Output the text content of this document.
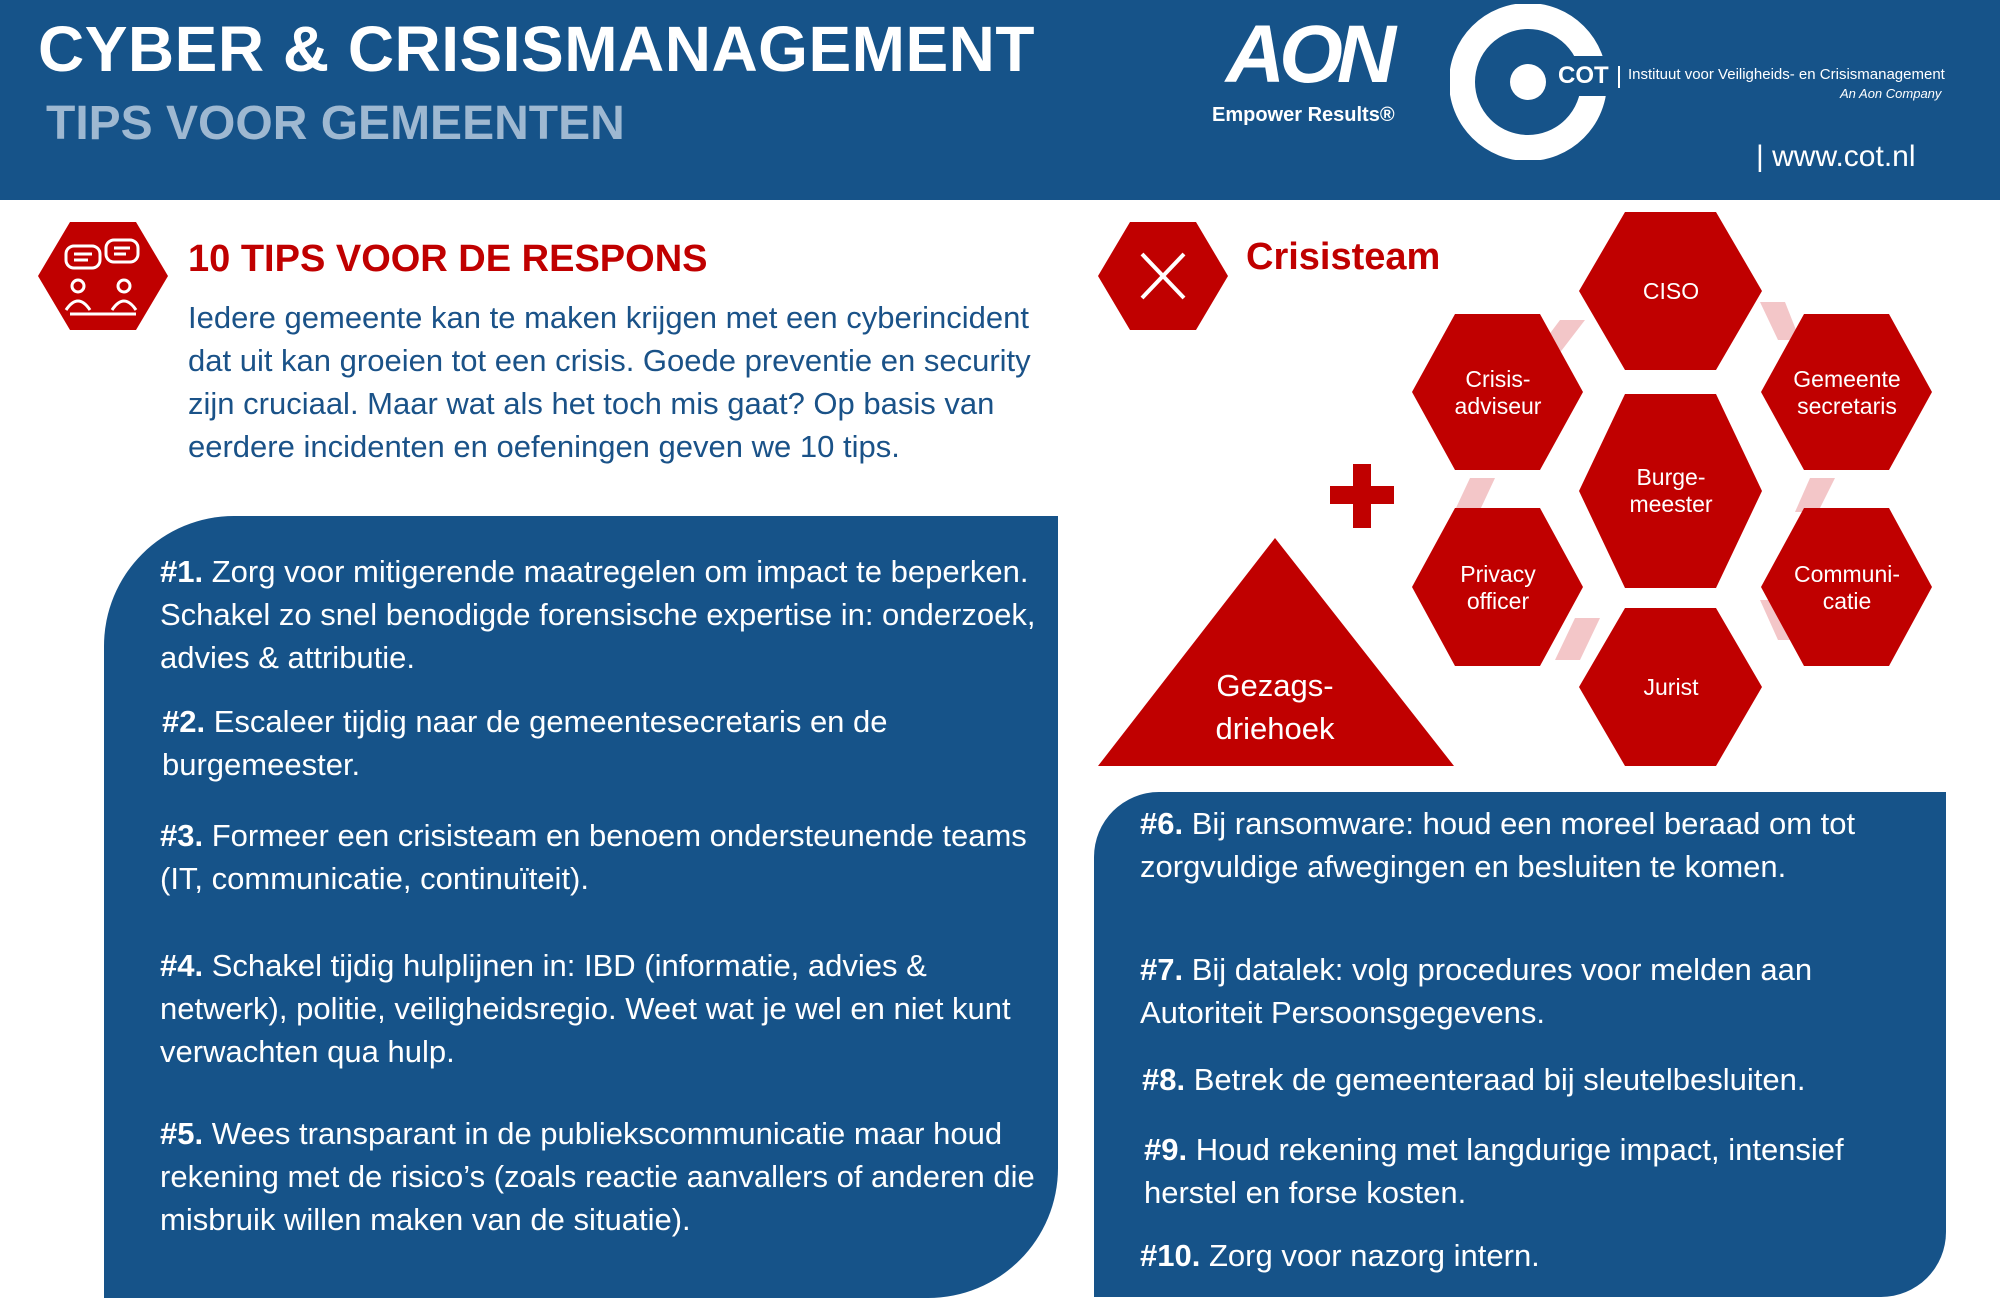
CYBER & CRISISMANAGEMENT
TIPS VOOR GEMEENTEN
AON
Empower Results®
COT Instituut voor Veiligheids- en Crisismanagement
An Aon Company
| www.cot.nl
10 TIPS VOOR DE RESPONS
Iedere gemeente kan te maken krijgen met een cyberincident dat uit kan groeien tot een crisis. Goede preventie en security zijn cruciaal. Maar wat als het toch mis gaat? Op basis van eerdere incidenten en oefeningen geven we 10 tips.
#1. Zorg voor mitigerende maatregelen om impact te beperken. Schakel zo snel benodigde forensische expertise in: onderzoek, advies & attributie.
#2. Escaleer tijdig naar de gemeentesecretaris en de burgemeester.
#3. Formeer een crisisteam en benoem ondersteunende teams (IT, communicatie, continuïteit).
#4. Schakel tijdig hulplijnen in: IBD (informatie, advies & netwerk), politie, veiligheidsregio. Weet wat je wel en niet kunt verwachten qua hulp.
#5. Wees transparant in de publiekscommunicatie maar houd rekening met de risico’s (zoals reactie aanvallers of anderen die misbruik willen maken van de situatie).
Crisisteam
CISO
Gemeente
secretaris
Communi-
catie
Jurist
Privacy
officer
Crisis-
adviseur
Burge-
meester
Gezags-
driehoek
#6. Bij ransomware: houd een moreel beraad om tot zorgvuldige afwegingen en besluiten te komen.
#7. Bij datalek: volg procedures voor melden aan Autoriteit Persoonsgegevens.
#8. Betrek de gemeenteraad bij sleutelbesluiten.
#9. Houd rekening met langdurige impact, intensief herstel en forse kosten.
#10. Zorg voor nazorg intern.
